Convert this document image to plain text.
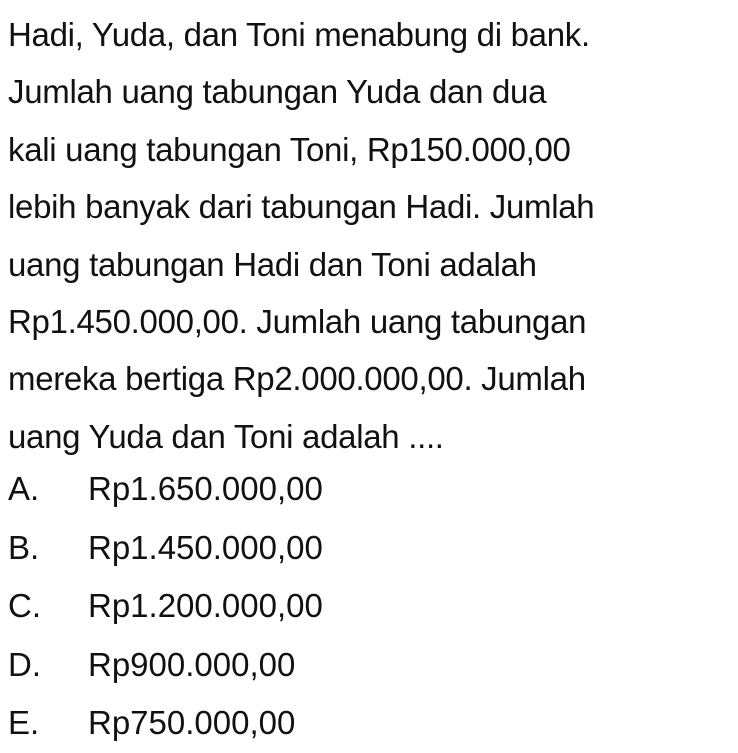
Hadi, Yuda, dan Toni menabung di bank.
Jumlah uang tabungan Yuda dan dua
kali uang tabungan Toni, Rp150.000,00
lebih banyak dari tabungan Hadi. Jumlah
uang tabungan Hadi dan Toni adalah
Rp1.450.000,00. Jumlah uang tabungan
mereka bertiga Rp2.000.000,00. Jumlah
uang Yuda dan Toni adalah ....
A. Rp1.650.000,00
B. Rp1.450.000,00
C. Rp1.200.000,00
D. Rp900.000,00
E. Rp750.000,00
